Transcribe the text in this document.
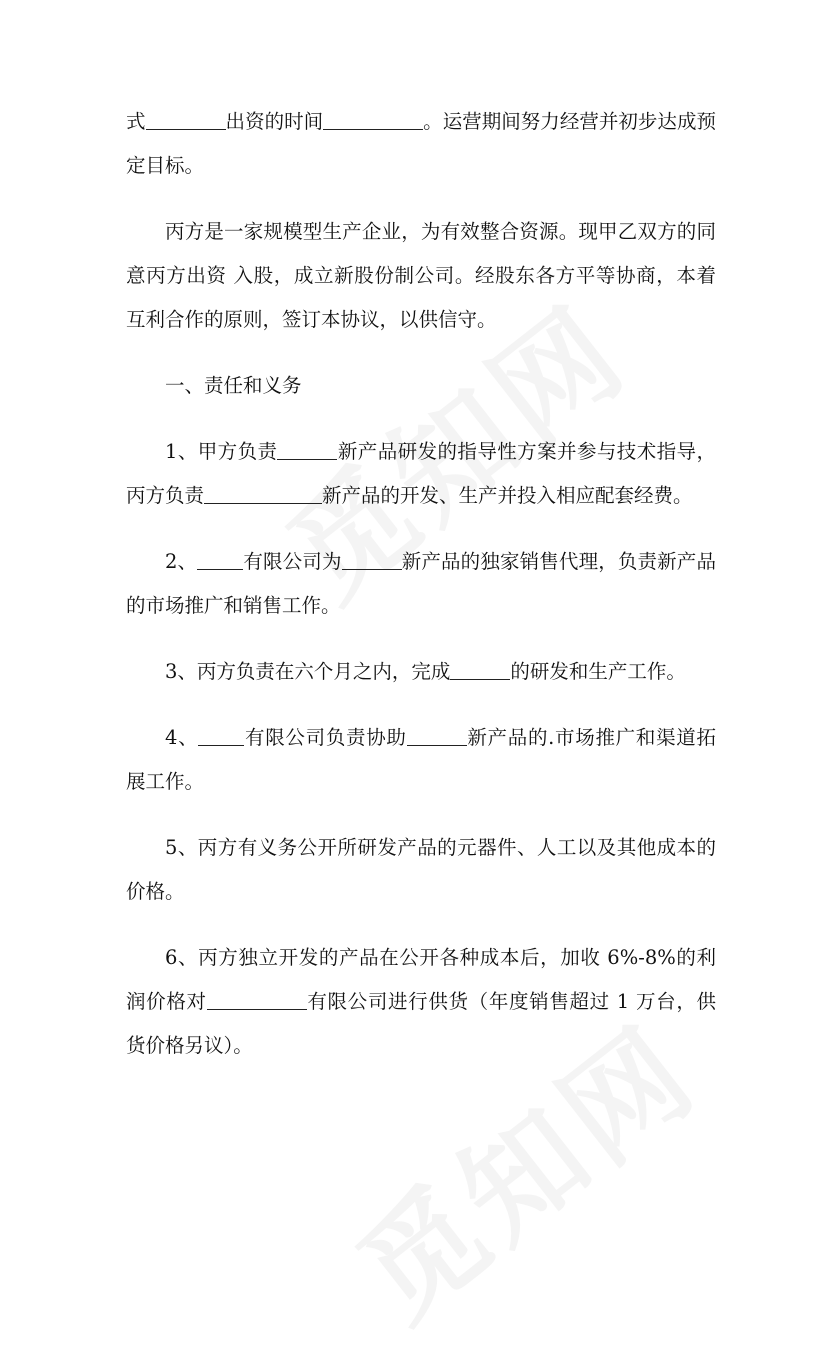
式	出资的时间	。运营期间努力经营并初步达成预定目标。

丙方是一家规模型生产企业，为有效整合资源。现甲乙双方的同意丙方出资 入股，成立新股份制公司。经股东各方平等协商，本着互利合作的原则，签订本协议，以供信守。

一、责任和义务

1、甲方负责	新产品研发的指导性方案并参与技术指导，丙方负责	新产品的开发、生产并投入相应配套经费。

2、 有限公司为	新产品的独家销售代理，负责新产品的市场推广和销售工作。

3、丙方负责在六个月之内，完成	的研发和生产工作。

4、 有限公司负责协助	新产品的.市场推广和渠道拓展工作。

5、丙方有义务公开所研发产品的元器件、人工以及其他成本的价格。

6、丙方独立开发的产品在公开各种成本后，加收 6%-8%的利润价格对	有限公司进行供货（年度销售超过 1 万台，供货价格另议）。
